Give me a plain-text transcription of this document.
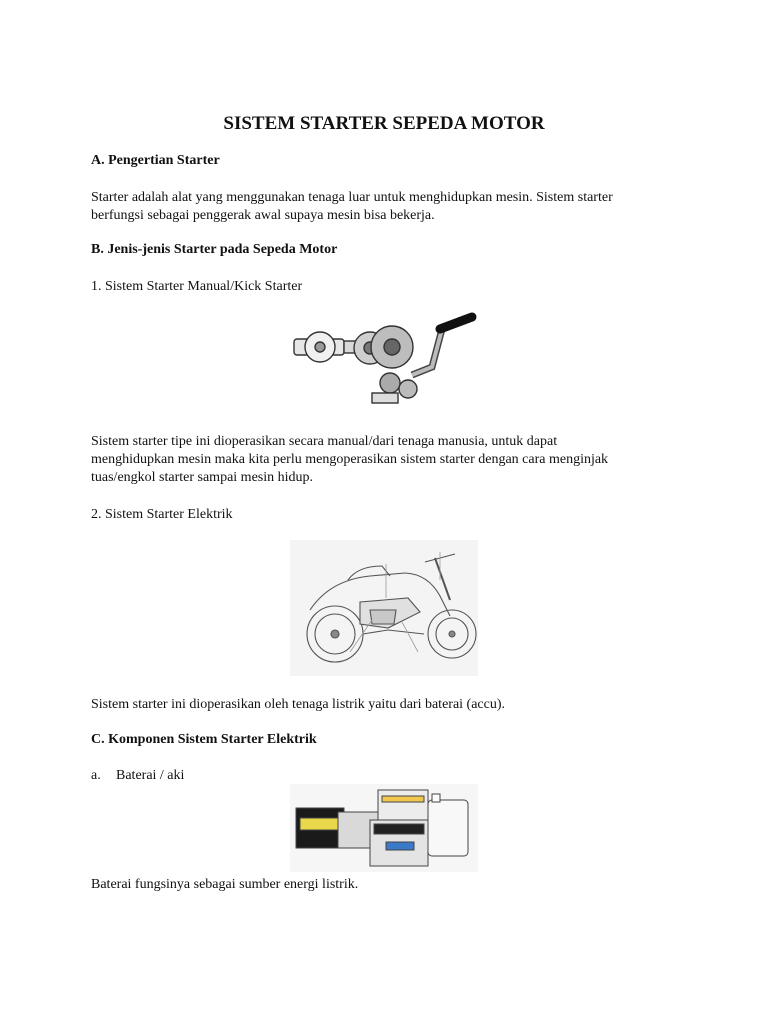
SISTEM STARTER SEPEDA MOTOR

A. Pengertian Starter

Starter adalah alat yang menggunakan tenaga luar untuk menghidupkan mesin. Sistem starter

berfungsi sebagai penggerak awal supaya mesin bisa bekerja.

B. Jenis-jenis Starter pada Sepeda Motor

1. Sistem Starter Manual/Kick Starter

Sistem starter tipe ini dioperasikan secara manual/dari tenaga manusia, untuk dapat

menghidupkan mesin maka kita perlu mengoperasikan sistem starter dengan cara menginjak

tuas/engkol starter sampai mesin hidup.

2. Sistem Starter Elektrik

Sistem starter ini dioperasikan oleh tenaga listrik yaitu dari baterai (accu).

C. Komponen Sistem Starter Elektrik

a. Baterai / aki

Baterai fungsinya sebagai sumber energi listrik.
